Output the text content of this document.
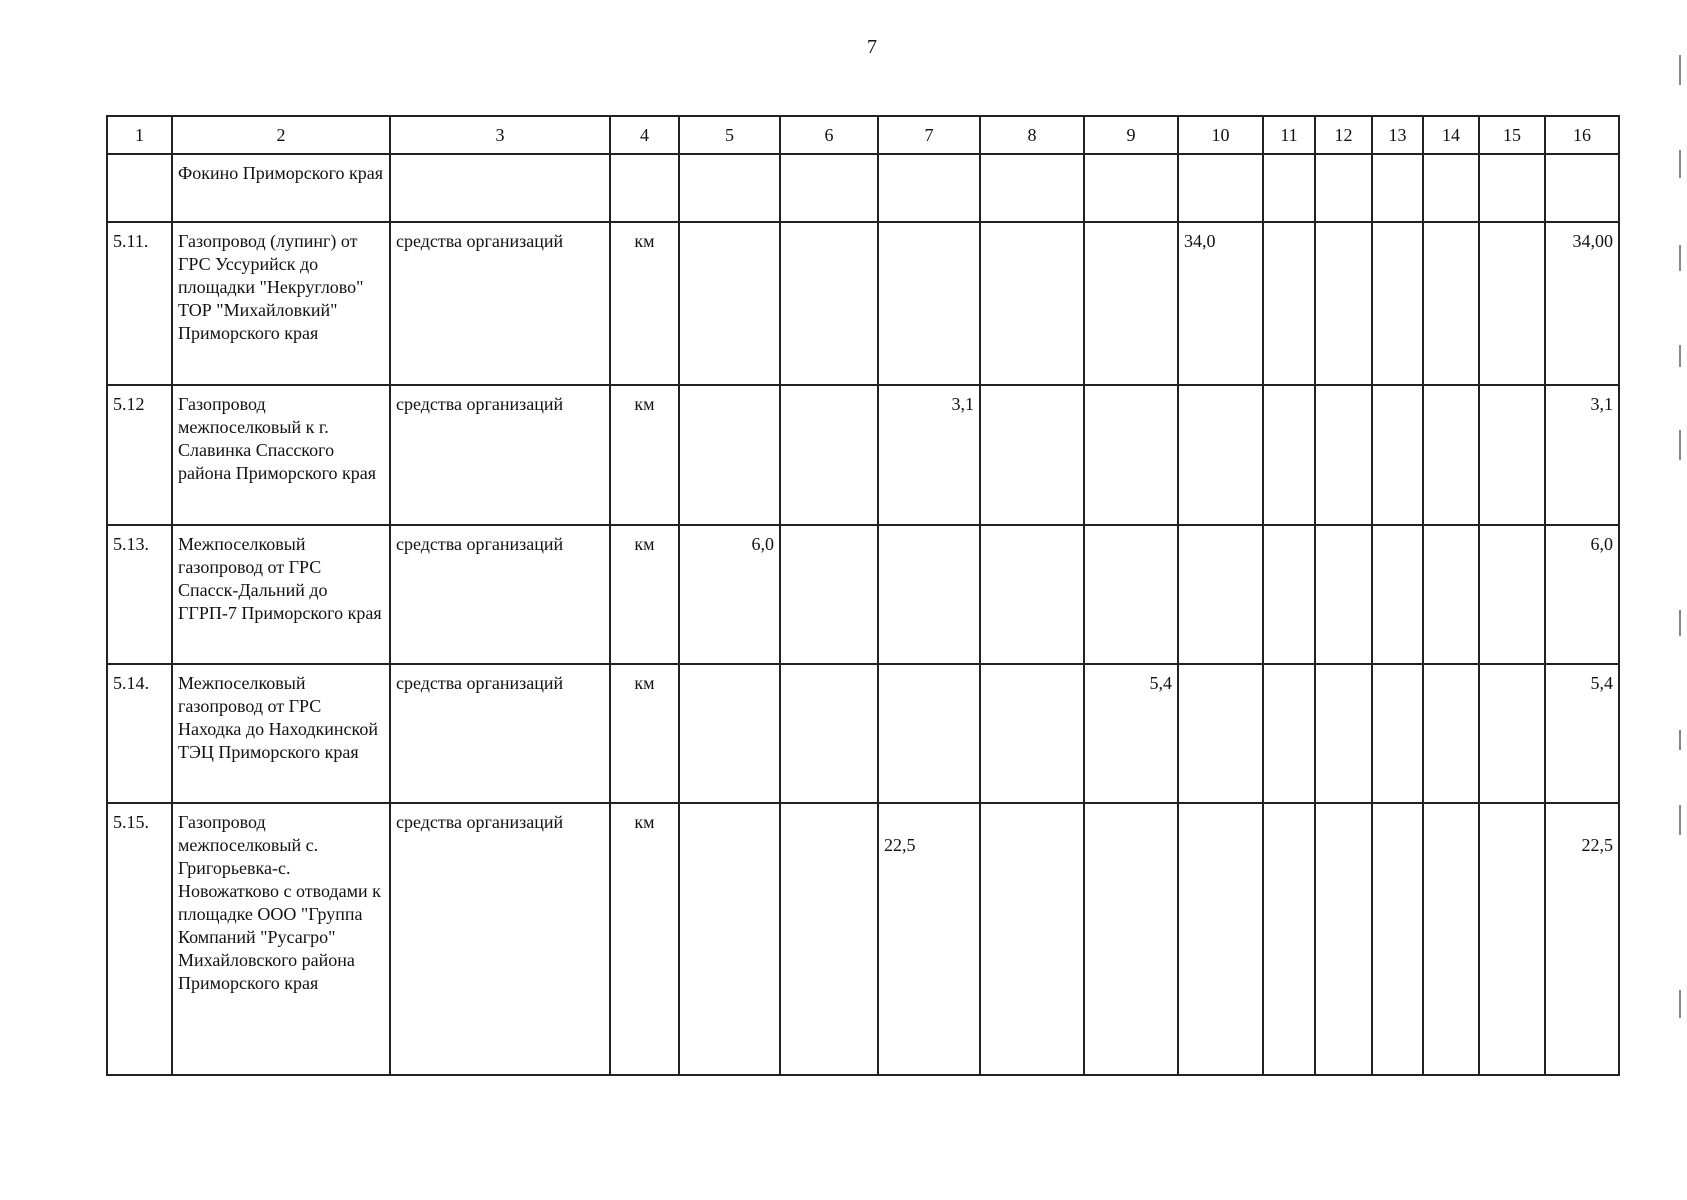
7
1	2	3	4	5	6	7	8	9	10	11	12	13	14	15	16
	Фокино Приморского края														
5.11.	Газопровод (лупинг) от ГРС Уссурийск до площадки "Некруглово" ТОР "Михайловкий" Приморского края	средства организаций	км						34,0						34,00
5.12	Газопровод межпоселковый к г. Славинка Спасского района Приморского края	средства организаций	км			3,1									3,1
5.13.	Межпоселковый газопровод от ГРС Спасск-Дальний до ГГРП-7 Приморского края	средства организаций	км	6,0											6,0
5.14.	Межпоселковый газопровод от ГРС Находка до Находкинской ТЭЦ Приморского края	средства организаций	км					5,4							5,4
5.15.	Газопровод межпоселковый с. Григорьевка-с. Новожатково с отводами к площадке ООО "Группа Компаний "Русагро" Михайловского района Приморского края	средства организаций	км			22,5									22,5
